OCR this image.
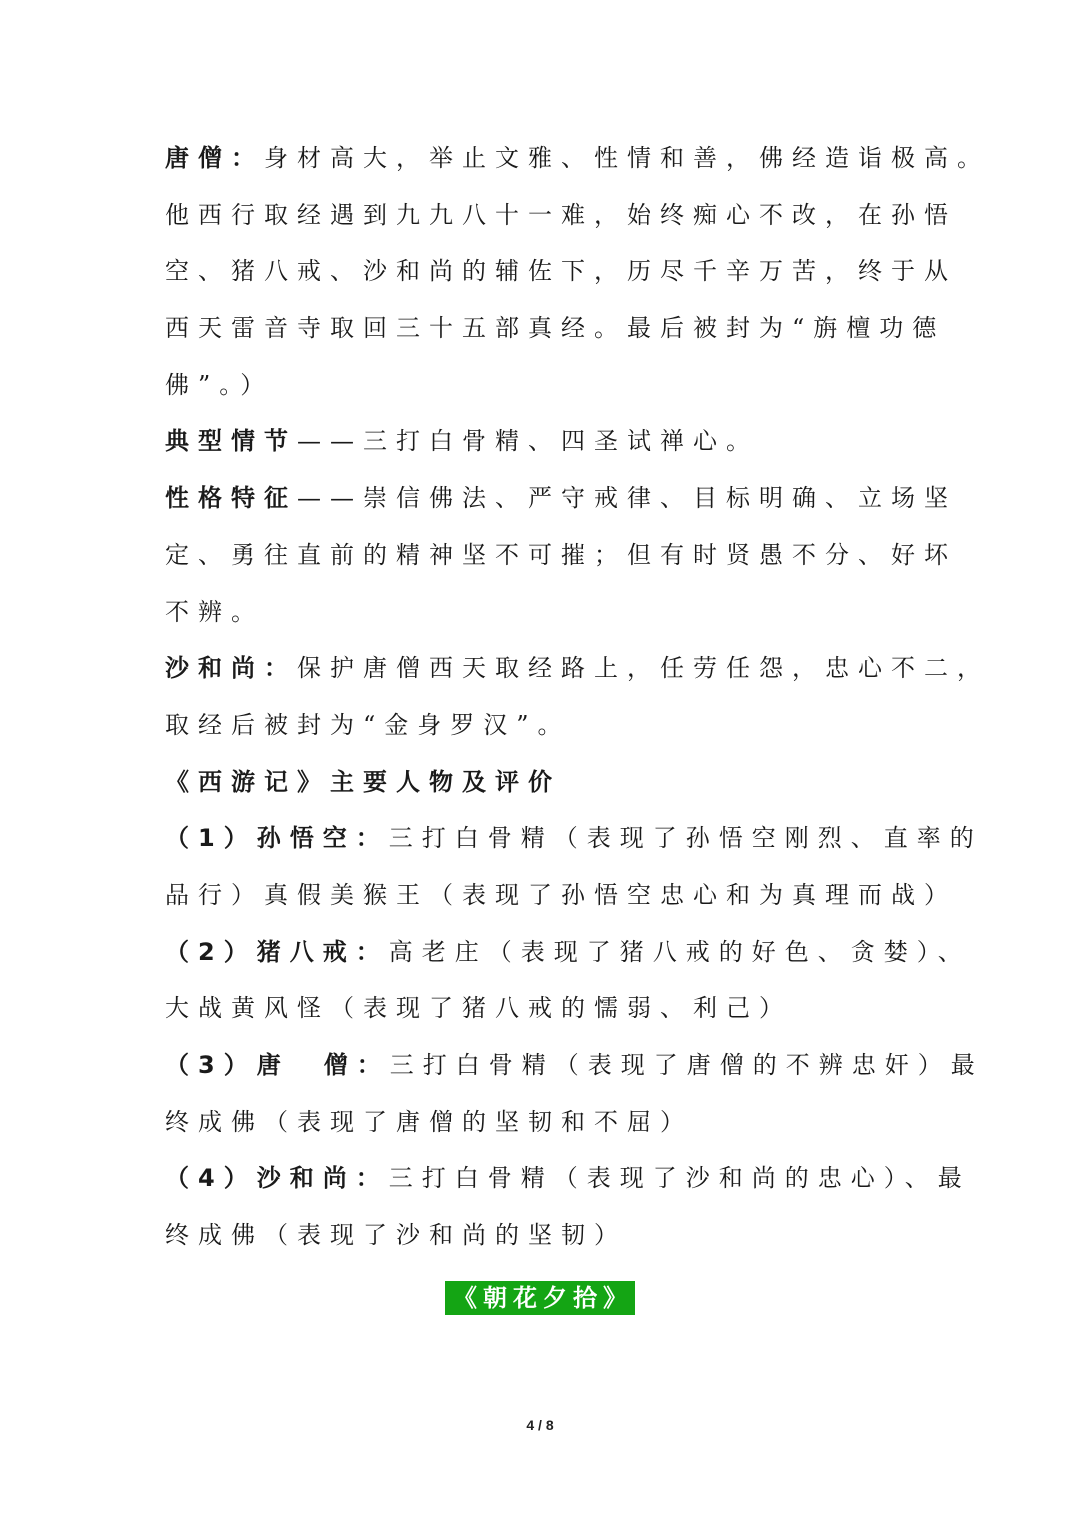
唐僧：身材高大，举止文雅、性情和善，佛经造诣极高。
他西行取经遇到九九八十一难，始终痴心不改，在孙悟
空、猪八戒、沙和尚的辅佐下，历尽千辛万苦，终于从
西天雷音寺取回三十五部真经。最后被封为“旃檀功德
佛”。）
典型情节——三打白骨精、四圣试禅心。
性格特征——崇信佛法、严守戒律、目标明确、立场坚
定、勇往直前的精神坚不可摧；但有时贤愚不分、好坏
不辨。
沙和尚：保护唐僧西天取经路上，任劳任怨，忠心不二，
取经后被封为“金身罗汉”。
《西游记》主要人物及评价
（1）孙悟空：三打白骨精（表现了孙悟空刚烈、直率的
品行）真假美猴王（表现了孙悟空忠心和为真理而战）
（2）猪八戒：高老庄（表现了猪八戒的好色、贪婪）、
大战黄风怪（表现了猪八戒的懦弱、利己）
（3）唐 僧：三打白骨精（表现了唐僧的不辨忠奸）最
终成佛（表现了唐僧的坚韧和不屈）
（4）沙和尚：三打白骨精（表现了沙和尚的忠心）、最
终成佛（表现了沙和尚的坚韧）
《朝花夕拾》
4 / 8
